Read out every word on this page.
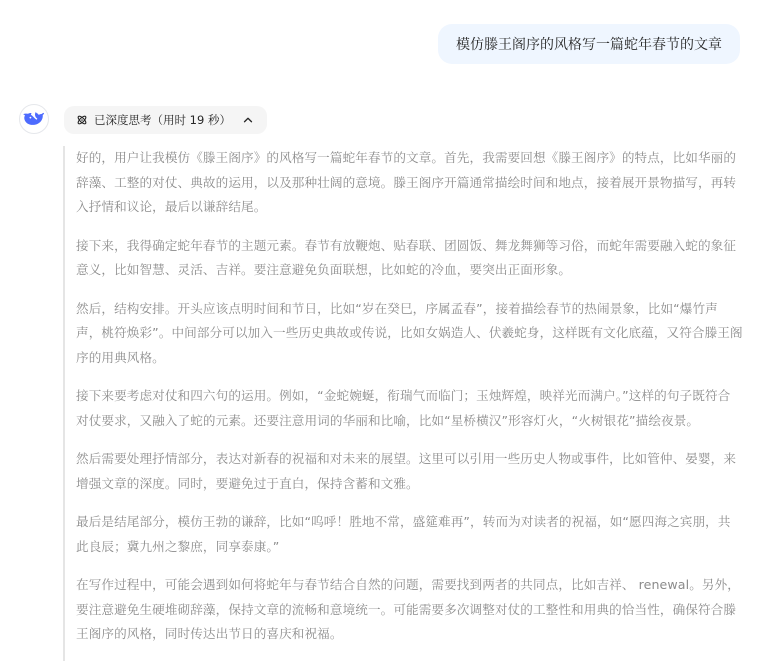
模仿滕王阁序的风格写一篇蛇年春节的文章
已深度思考（用时 19 秒）

好的，用户让我模仿《滕王阁序》的风格写一篇蛇年春节的文章。首先，我需要回想《滕王阁序》的特点，比如华丽的辞藻、工整的对仗、典故的运用，以及那种壮阔的意境。滕王阁序开篇通常描绘时间和地点，接着展开景物描写，再转入抒情和议论，最后以谦辞结尾。

接下来，我得确定蛇年春节的主题元素。春节有放鞭炮、贴春联、团圆饭、舞龙舞狮等习俗，而蛇年需要融入蛇的象征意义，比如智慧、灵活、吉祥。要注意避免负面联想，比如蛇的冷血，要突出正面形象。

然后，结构安排。开头应该点明时间和节日，比如“岁在癸巳，序属孟春”，接着描绘春节的热闹景象，比如“爆竹声声，桃符焕彩”。中间部分可以加入一些历史典故或传说，比如女娲造人、伏羲蛇身，这样既有文化底蕴，又符合滕王阁序的用典风格。

接下来要考虑对仗和四六句的运用。例如，“金蛇婉蜒，衔瑞气而临门；玉烛辉煌，映祥光而满户。”这样的句子既符合对仗要求，又融入了蛇的元素。还要注意用词的华丽和比喻，比如“星桥横汉”形容灯火，“火树银花”描绘夜景。

然后需要处理抒情部分，表达对新春的祝福和对未来的展望。这里可以引用一些历史人物或事件，比如管仲、晏婴，来增强文章的深度。同时，要避免过于直白，保持含蓄和文雅。

最后是结尾部分，模仿王勃的谦辞，比如“呜呼！胜地不常，盛筵难再”，转而为对读者的祝福，如“愿四海之宾朋，共此良辰；冀九州之黎庶，同享泰康。”

在写作过程中，可能会遇到如何将蛇年与春节结合自然的问题，需要找到两者的共同点，比如吉祥、 renewal。另外，要注意避免生硬堆砌辞藻，保持文章的流畅和意境统一。可能需要多次调整对仗的工整性和用典的恰当性，确保符合滕王阁序的风格，同时传达出节日的喜庆和祝福。
